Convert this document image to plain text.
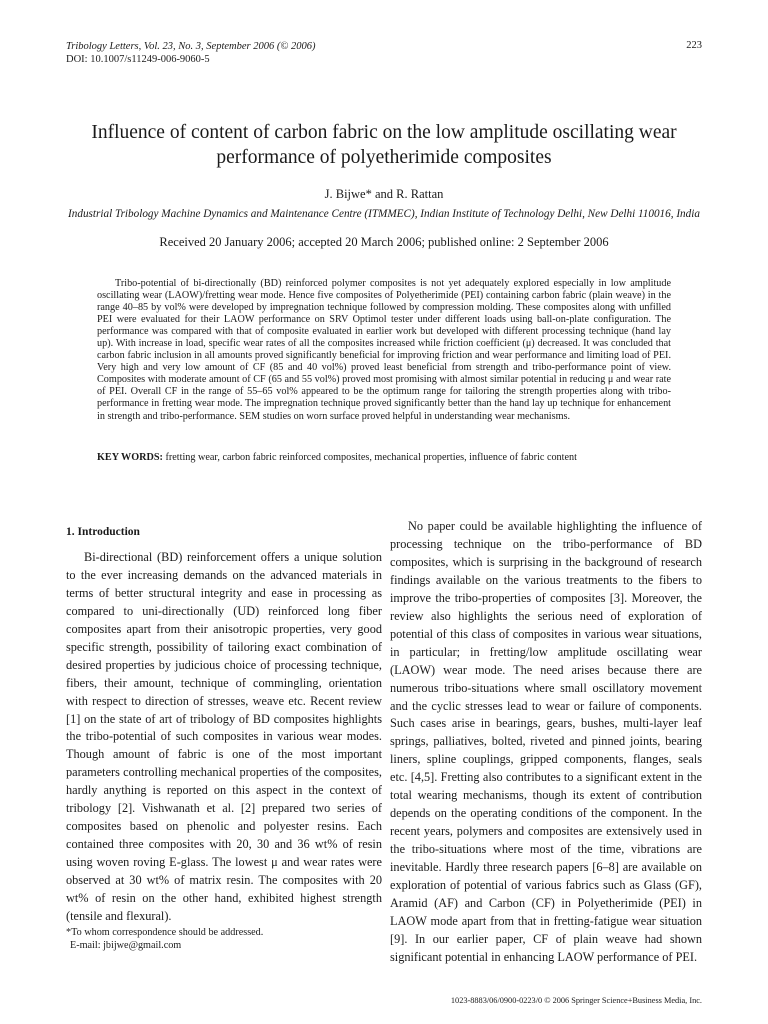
Tribology Letters, Vol. 23, No. 3, September 2006 (© 2006)
DOI: 10.1007/s11249-006-9060-5
223
Influence of content of carbon fabric on the low amplitude oscillating wear performance of polyetherimide composites
J. Bijwe* and R. Rattan
Industrial Tribology Machine Dynamics and Maintenance Centre (ITMMEC), Indian Institute of Technology Delhi, New Delhi 110016, India
Received 20 January 2006; accepted 20 March 2006; published online: 2 September 2006
Tribo-potential of bi-directionally (BD) reinforced polymer composites is not yet adequately explored especially in low amplitude oscillating wear (LAOW)/fretting wear mode. Hence five composites of Polyetherimide (PEI) containing carbon fabric (plain weave) in the range 40–85 by vol% were developed by impregnation technique followed by compression molding. These composites along with unfilled PEI were evaluated for their LAOW performance on SRV Optimol tester under different loads using ball-on-plate configuration. The performance was compared with that of composite evaluated in earlier work but developed with different processing technique (hand lay up). With increase in load, specific wear rates of all the composites increased while friction coefficient (μ) decreased. It was concluded that carbon fabric inclusion in all amounts proved significantly beneficial for improving friction and wear performance and limiting load of PEI. Very high and very low amount of CF (85 and 40 vol%) proved least beneficial from strength and tribo-performance point of view. Composites with moderate amount of CF (65 and 55 vol%) proved most promising with almost similar potential in reducing μ and wear rate of PEI. Overall CF in the range of 55–65 vol% appeared to be the optimum range for tailoring the strength properties along with tribo-performance in fretting wear mode. The impregnation technique proved significantly better than the hand lay up technique for enhancement in strength and tribo-performance. SEM studies on worn surface proved helpful in understanding wear mechanisms.
KEY WORDS: fretting wear, carbon fabric reinforced composites, mechanical properties, influence of fabric content
1. Introduction

Bi-directional (BD) reinforcement offers a unique solution to the ever increasing demands on the advanced materials in terms of better structural integrity and ease in processing as compared to uni-directionally (UD) reinforced long fiber composites apart from their anisotropic properties, very good specific strength, possibility of tailoring exact combination of desired properties by judicious choice of processing technique, fibers, their amount, technique of commingling, orientation with respect to direction of stresses, weave etc. Recent review [1] on the state of art of tribology of BD composites highlights the tribo-potential of such composites in various wear modes. Though amount of fabric is one of the most important parameters controlling mechanical properties of the composites, hardly anything is reported on this aspect in the context of tribology [2]. Vishwanath et al. [2] prepared two series of composites based on phenolic and polyester resins. Each contained three composites with 20, 30 and 36 wt% of resin using woven roving E-glass. The lowest μ and wear rates were observed at 30 wt% of matrix resin. The composites with 20 wt% of resin on the other hand, exhibited highest strength (tensile and flexural).

No paper could be available highlighting the influence of processing technique on the tribo-performance of BD composites, which is surprising in the background of research findings available on the various treatments to the fibers to improve the tribo-properties of composites [3]. Moreover, the review also highlights the serious need of exploration of potential of this class of composites in various wear situations, in particular; in fretting/low amplitude oscillating wear (LAOW) wear mode. The need arises because there are numerous tribo-situations where small oscillatory movement and the cyclic stresses lead to wear or failure of components. Such cases arise in bearings, gears, bushes, multi-layer leaf springs, palliatives, bolted, riveted and pinned joints, bearing liners, spline couplings, gripped components, flanges, seals etc. [4,5]. Fretting also contributes to a significant extent in the total wearing mechanisms, though its extent of contribution depends on the operating conditions of the component. In the recent years, polymers and composites are extensively used in the tribo-situations where most of the time, vibrations are inevitable. Hardly three research papers [6–8] are available on exploration of potential of various fabrics such as Glass (GF), Aramid (AF) and Carbon (CF) in Polyetherimide (PEI) in LAOW mode apart from that in fretting-fatigue wear situation [9]. In our earlier paper, CF of plain weave had shown significant potential in enhancing LAOW performance of PEI.

*To whom correspondence should be addressed.

E-mail: jbijwe@gmail.com

1023-8883/06/0900-0223/0 © 2006 Springer Science+Business Media, Inc.
